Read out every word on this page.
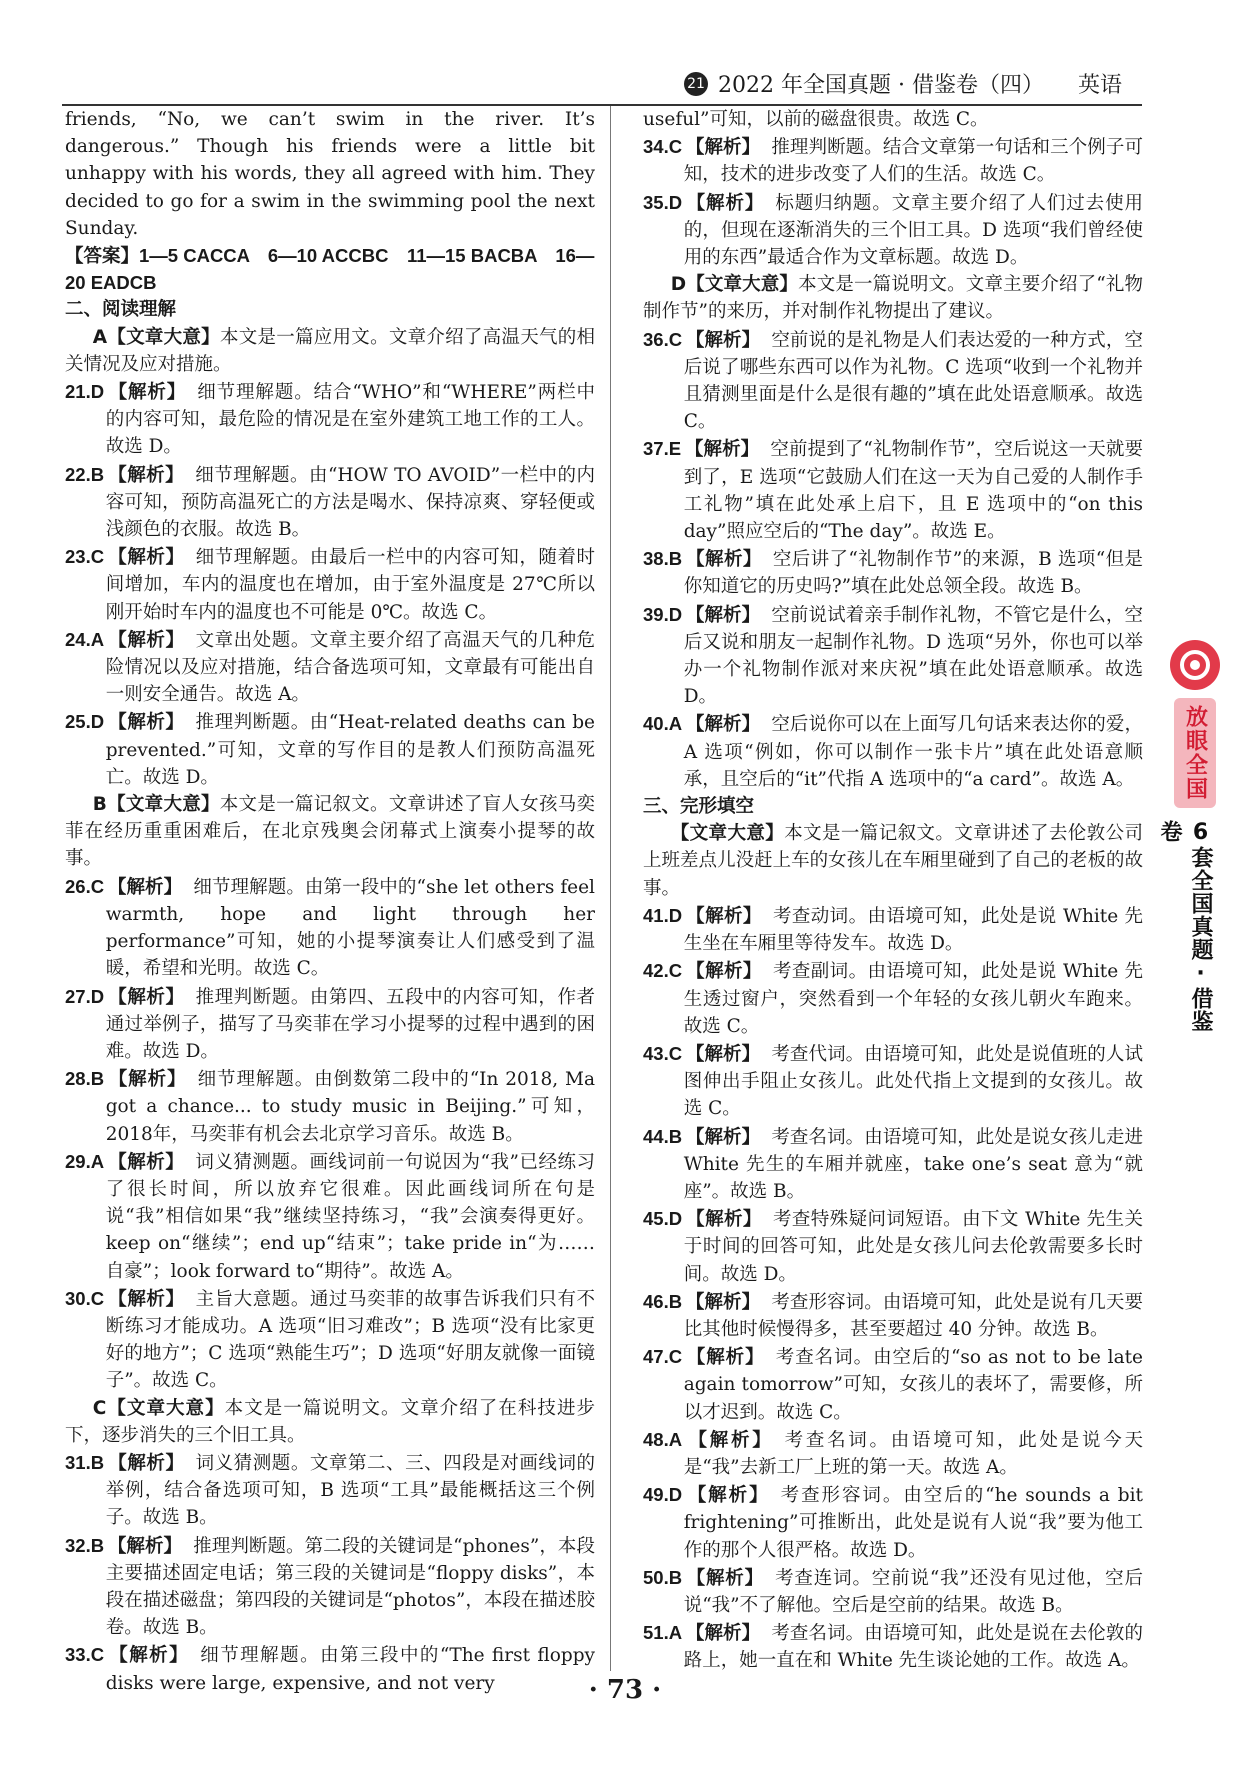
21 2022 年全国真题 · 借鉴卷（四） 英语

friends, “No, we can’t swim in the river. It’s dangerous.” Though his friends were a little bit unhappy with his words, they all agreed with him. They decided to go for a swim in the swimming pool the next Sunday.

【答案】1—5 CACCA　6—10 ACCBC　11—15 BACBA　16—20 EADCB

二、阅读理解

A【文章大意】本文是一篇应用文。文章介绍了高温天气的相关情况及应对措施。

21.D 【解析】 细节理解题。结合“WHO”和“WHERE”两栏中的内容可知，最危险的情况是在室外建筑工地工作的工人。故选 D。

22.B 【解析】 细节理解题。由“HOW TO AVOID”一栏中的内容可知，预防高温死亡的方法是喝水、保持凉爽、穿轻便或浅颜色的衣服。故选 B。

23.C 【解析】 细节理解题。由最后一栏中的内容可知，随着时间增加，车内的温度也在增加，由于室外温度是 27℃所以刚开始时车内的温度也不可能是 0℃。故选 C。

24.A 【解析】 文章出处题。文章主要介绍了高温天气的几种危险情况以及应对措施，结合备选项可知，文章最有可能出自一则安全通告。故选 A。

25.D 【解析】 推理判断题。由“Heat-related deaths can be prevented.”可知，文章的写作目的是教人们预防高温死亡。故选 D。

B【文章大意】本文是一篇记叙文。文章讲述了盲人女孩马奕菲在经历重重困难后，在北京残奥会闭幕式上演奏小提琴的故事。

26.C 【解析】 细节理解题。由第一段中的“she let others feel warmth, hope and light through her performance”可知，她的小提琴演奏让人们感受到了温暖，希望和光明。故选 C。

27.D 【解析】 推理判断题。由第四、五段中的内容可知，作者通过举例子，描写了马奕菲在学习小提琴的过程中遇到的困难。故选 D。

28.B 【解析】 细节理解题。由倒数第二段中的“In 2018, Ma got a chance... to study music in Beijing.”可知，2018年，马奕菲有机会去北京学习音乐。故选 B。

29.A 【解析】 词义猜测题。画线词前一句说因为“我”已经练习了很长时间，所以放弃它很难。因此画线词所在句是说“我”相信如果“我”继续坚持练习，“我”会演奏得更好。keep on“继续”；end up“结束”；take pride in“为……自豪”；look forward to“期待”。故选 A。

30.C 【解析】 主旨大意题。通过马奕菲的故事告诉我们只有不断练习才能成功。A 选项“旧习难改”；B 选项“没有比家更好的地方”；C 选项“熟能生巧”；D 选项“好朋友就像一面镜子”。故选 C。

C【文章大意】本文是一篇说明文。文章介绍了在科技进步下，逐步消失的三个旧工具。

31.B 【解析】 词义猜测题。文章第二、三、四段是对画线词的举例，结合备选项可知，B 选项“工具”最能概括这三个例子。故选 B。

32.B 【解析】 推理判断题。第二段的关键词是“phones”，本段主要描述固定电话；第三段的关键词是“floppy disks”，本段在描述磁盘；第四段的关键词是“photos”，本段在描述胶卷。故选 B。

33.C 【解析】 细节理解题。由第三段中的“The first floppy disks were large, expensive, and not very

useful”可知，以前的磁盘很贵。故选 C。

34.C 【解析】 推理判断题。结合文章第一句话和三个例子可知，技术的进步改变了人们的生活。故选 C。

35.D 【解析】 标题归纳题。文章主要介绍了人们过去使用的，但现在逐渐消失的三个旧工具。D 选项“我们曾经使用的东西”最适合作为文章标题。故选 D。

D【文章大意】本文是一篇说明文。文章主要介绍了“礼物制作节”的来历，并对制作礼物提出了建议。

36.C 【解析】 空前说的是礼物是人们表达爱的一种方式，空后说了哪些东西可以作为礼物。C 选项“收到一个礼物并且猜测里面是什么是很有趣的”填在此处语意顺承。故选 C。

37.E 【解析】 空前提到了“礼物制作节”，空后说这一天就要到了，E 选项“它鼓励人们在这一天为自己爱的人制作手工礼物”填在此处承上启下，且 E 选项中的“on this day”照应空后的“The day”。故选 E。

38.B 【解析】 空后讲了“礼物制作节”的来源，B 选项“但是你知道它的历史吗?”填在此处总领全段。故选 B。

39.D 【解析】 空前说试着亲手制作礼物，不管它是什么，空后又说和朋友一起制作礼物。D 选项“另外，你也可以举办一个礼物制作派对来庆祝”填在此处语意顺承。故选 D。

40.A 【解析】 空后说你可以在上面写几句话来表达你的爱，A 选项“例如，你可以制作一张卡片”填在此处语意顺承，且空后的“it”代指 A 选项中的“a card”。故选 A。

三、完形填空

【文章大意】本文是一篇记叙文。文章讲述了去伦敦公司上班差点儿没赶上车的女孩儿在车厢里碰到了自己的老板的故事。

41.D 【解析】 考查动词。由语境可知，此处是说 White 先生坐在车厢里等待发车。故选 D。

42.C 【解析】 考查副词。由语境可知，此处是说 White 先生透过窗户，突然看到一个年轻的女孩儿朝火车跑来。故选 C。

43.C 【解析】 考查代词。由语境可知，此处是说值班的人试图伸出手阻止女孩儿。此处代指上文提到的女孩儿。故选 C。

44.B 【解析】 考查名词。由语境可知，此处是说女孩儿走进 White 先生的车厢并就座，take one’s seat 意为“就座”。故选 B。

45.D 【解析】 考查特殊疑问词短语。由下文 White 先生关于时间的回答可知，此处是女孩儿问去伦敦需要多长时间。故选 D。

46.B 【解析】 考查形容词。由语境可知，此处是说有几天要比其他时候慢得多，甚至要超过 40 分钟。故选 B。

47.C 【解析】 考查名词。由空后的“so as not to be late again tomorrow”可知，女孩儿的表坏了，需要修，所以才迟到。故选 C。

48.A 【解析】 考查名词。由语境可知，此处是说今天是“我”去新工厂上班的第一天。故选 A。

49.D 【解析】 考查形容词。由空后的“he sounds a bit frightening”可推断出，此处是说有人说“我”要为他工作的那个人很严格。故选 D。

50.B 【解析】 考查连词。空前说“我”还没有见过他，空后说“我”不了解他。空后是空前的结果。故选 B。

51.A 【解析】 考查名词。由语境可知，此处是说在去伦敦的路上，她一直在和 White 先生谈论她的工作。故选 A。

· 73 ·
放眼全国
6套全国真题·借鉴卷
